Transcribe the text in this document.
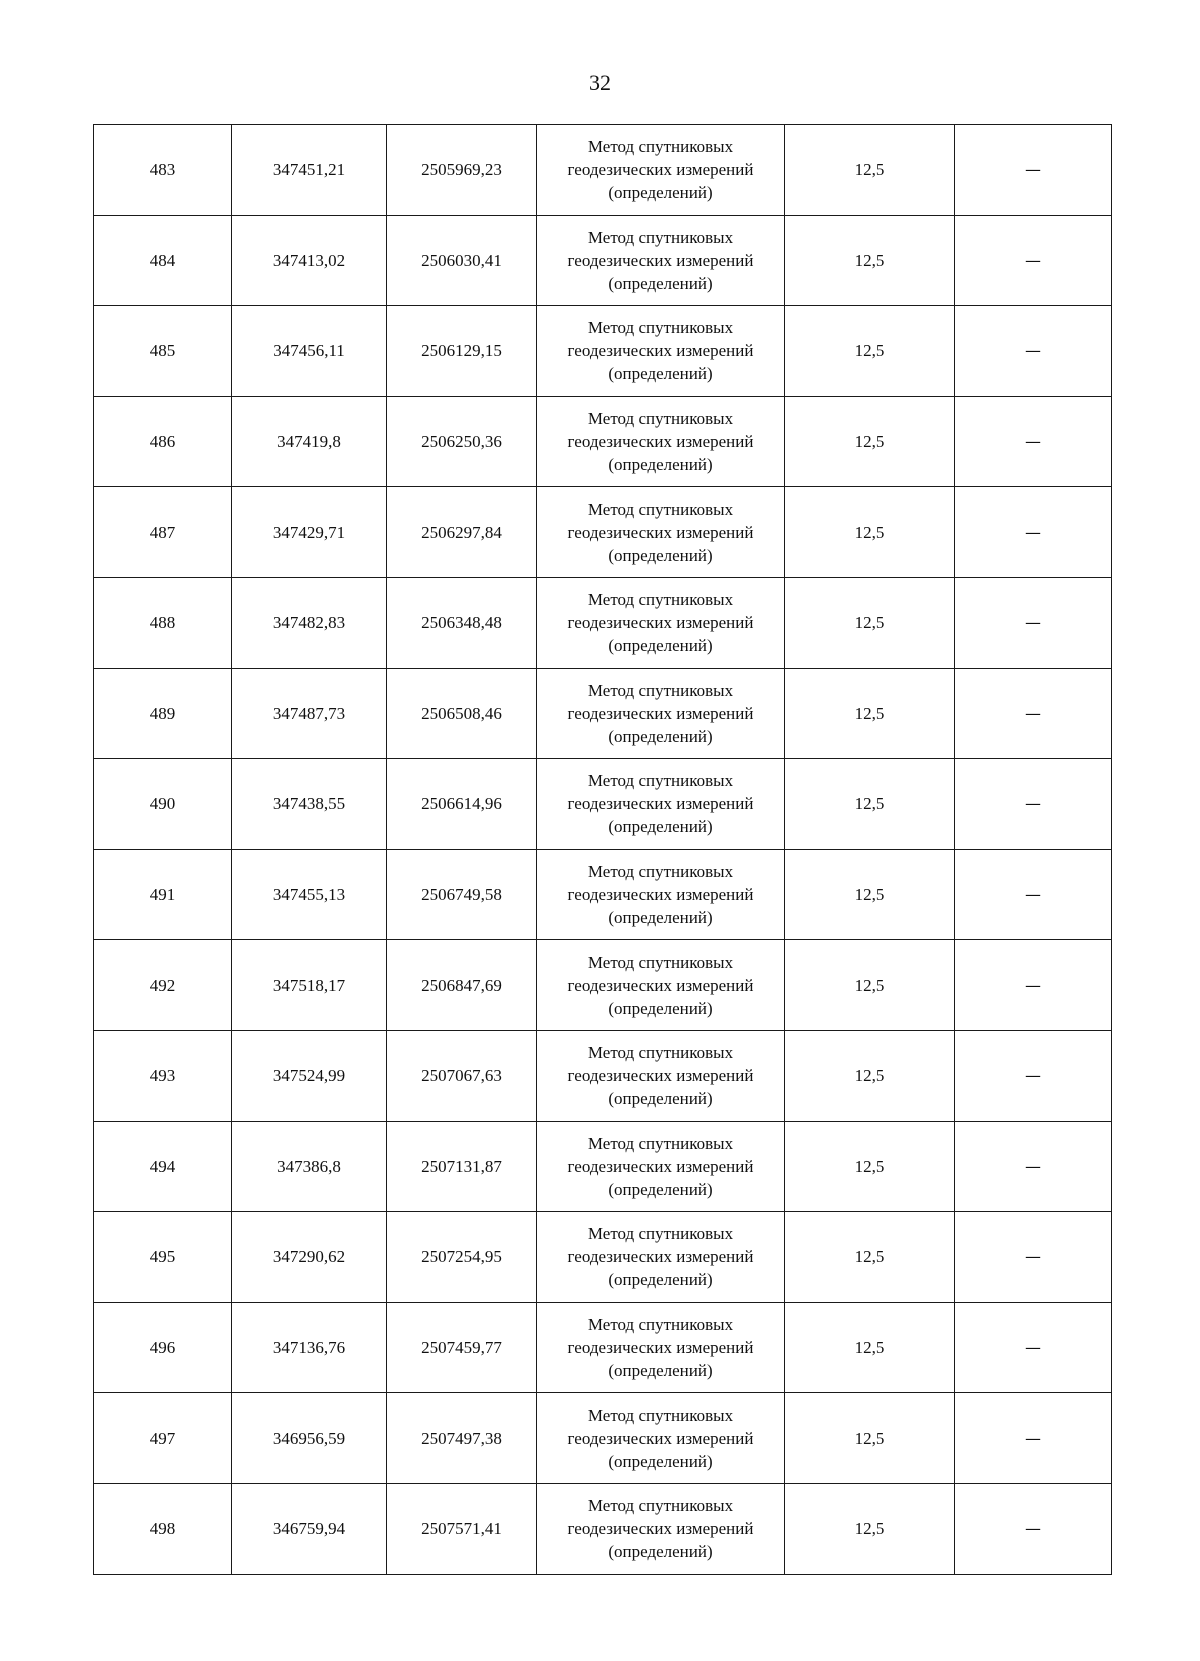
32
483	347451,21	2505969,23	Метод спутниковых
геодезических измерений
(определений)	12,5	—
484	347413,02	2506030,41	Метод спутниковых
геодезических измерений
(определений)	12,5	—
485	347456,11	2506129,15	Метод спутниковых
геодезических измерений
(определений)	12,5	—
486	347419,8	2506250,36	Метод спутниковых
геодезических измерений
(определений)	12,5	—
487	347429,71	2506297,84	Метод спутниковых
геодезических измерений
(определений)	12,5	—
488	347482,83	2506348,48	Метод спутниковых
геодезических измерений
(определений)	12,5	—
489	347487,73	2506508,46	Метод спутниковых
геодезических измерений
(определений)	12,5	—
490	347438,55	2506614,96	Метод спутниковых
геодезических измерений
(определений)	12,5	—
491	347455,13	2506749,58	Метод спутниковых
геодезических измерений
(определений)	12,5	—
492	347518,17	2506847,69	Метод спутниковых
геодезических измерений
(определений)	12,5	—
493	347524,99	2507067,63	Метод спутниковых
геодезических измерений
(определений)	12,5	—
494	347386,8	2507131,87	Метод спутниковых
геодезических измерений
(определений)	12,5	—
495	347290,62	2507254,95	Метод спутниковых
геодезических измерений
(определений)	12,5	—
496	347136,76	2507459,77	Метод спутниковых
геодезических измерений
(определений)	12,5	—
497	346956,59	2507497,38	Метод спутниковых
геодезических измерений
(определений)	12,5	—
498	346759,94	2507571,41	Метод спутниковых
геодезических измерений
(определений)	12,5	—
